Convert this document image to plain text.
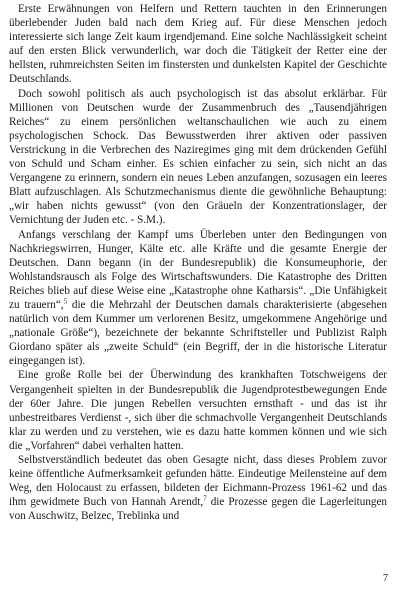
Erste Erwähnungen von Helfern und Rettern tauchten in den Erinnerungen überlebender Juden bald nach dem Krieg auf. Für diese Menschen jedoch interessierte sich lange Zeit kaum irgendjemand. Eine solche Nachlässigkeit scheint auf den ersten Blick verwunderlich, war doch die Tätigkeit der Retter eine der hellsten, ruhmreichsten Seiten im finstersten und dunkelsten Kapitel der Geschichte Deutschlands.

Doch sowohl politisch als auch psychologisch ist das absolut erklärbar. Für Millionen von Deutschen wurde der Zusammenbruch des „Tausendjährigen Reiches“ zu einem persönlichen weltanschaulichen wie auch zu einem psychologischen Schock. Das Bewusstwerden ihrer aktiven oder passiven Verstrickung in die Verbrechen des Naziregimes ging mit dem drückenden Gefühl von Schuld und Scham einher. Es schien einfacher zu sein, sich nicht an das Vergangene zu erinnern, sondern ein neues Leben anzufangen, sozusagen ein leeres Blatt aufzuschlagen. Als Schutzmechanismus diente die gewöhnliche Behauptung: „wir haben nichts gewusst“ (von den Gräueln der Konzentrationslager, der Vernichtung der Juden etc. - S.M.).

Anfangs verschlang der Kampf ums Überleben unter den Bedingungen von Nachkriegswirren, Hunger, Kälte etc. alle Kräfte und die gesamte Energie der Deutschen. Dann begann (in der Bundesrepublik) die Konsumeuphorie, der Wohlstandsrausch als Folge des Wirtschaftswunders. Die Katastrophe des Dritten Reiches blieb auf diese Weise eine „Katastrophe ohne Katharsis“. „Die Unfähigkeit zu trauern“,$^5$ die die Mehrzahl der Deutschen damals charakterisierte (abgesehen natürlich von dem Kummer um verlorenen Besitz, umgekommene Angehörige und „nationale Größe“), bezeichnete der bekannte Schriftsteller und Publizist Ralph Giordano später als „zweite Schuld“ (ein Begriff, der in die historische Literatur eingegangen ist).

Eine große Rolle bei der Überwindung des krankhaften Totschweigens der Vergangenheit spielten in der Bundesrepublik die Jugendprotestbewegungen Ende der 60er Jahre. Die jungen Rebellen versuchten ernsthaft - und das ist ihr unbestreitbares Verdienst -, sich über die schmachvolle Vergangenheit Deutschlands klar zu werden und zu verstehen, wie es dazu hatte kommen können und wie sich die „Vorfahren“ dabei verhalten hatten.

Selbstverständlich bedeutet das oben Gesagte nicht, dass dieses Problem zuvor keine öffentliche Aufmerksamkeit gefunden hätte. Eindeutige Meilensteine auf dem Weg, den Holocaust zu erfassen, bildeten der Eichmann-Prozess 1961-62 und das ihm gewidmete Buch von Hannah Arendt,$^7$ die Prozesse gegen die Lagerleitungen von Auschwitz, Belzec, Treblinka und

7
